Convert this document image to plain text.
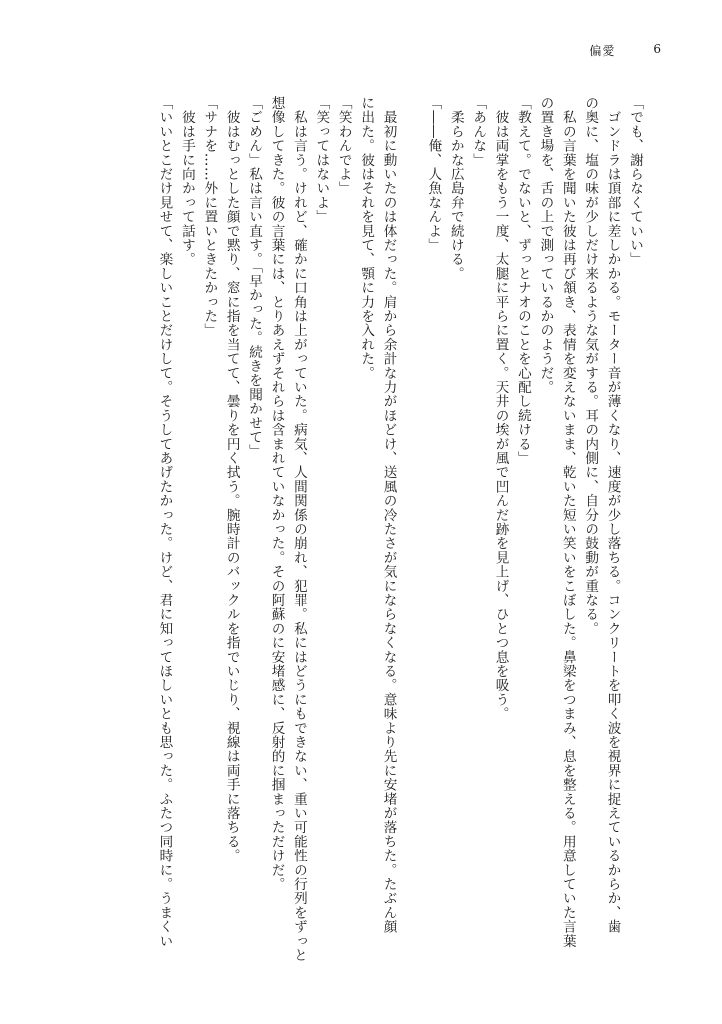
偏愛	6
「でも、謝らなくていい」
　ゴンドラは頂部に差しかかる。モーター音が薄くなり、速度が少し落ちる。コンクリートを叩く波を視界に捉えているからか、歯
の奥に、塩の味が少しだけ来るような気がする。耳の内側に、自分の鼓動が重なる。
　私の言葉を聞いた彼は再び頷き、表情を変えないまま、乾いた短い笑いをこぼした。鼻梁をつまみ、息を整える。用意していた言葉
の置き場を、舌の上で測っているかのようだ。
「教えて。でないと、ずっとナオのことを心配し続ける」
　彼は両掌をもう一度、太腿に平らに置く。天井の埃が風で凹んだ跡を見上げ、ひとつ息を吸う。
「あんな」
　柔らかな広島弁で続ける。
「――俺、人魚なんよ」
　最初に動いたのは体だった。肩から余計な力がほどけ、送風の冷たさが気にならなくなる。意味より先に安堵が落ちた。たぶん顔
に出た。彼はそれを見て、顎に力を入れた。
「笑わんでよ」
「笑ってはないよ」
　私は言う。けれど、確かに口角は上がっていた。病気、人間関係の崩れ、犯罪。私にはどうにもできない、重い可能性の行列をずっと
想像してきた。彼の言葉には、とりあえずそれらは含まれていなかった。その阿蘇のに安堵感に、反射的に掴まっただけだ。
「ごめん」私は言い直す。「早かった。続きを聞かせて」
　彼はむっとした顔で黙り、窓に指を当てて、曇りを円く拭う。腕時計のバックルを指でいじり、視線は両手に落ちる。
「サナを……外に置いときたかった」
　彼は手に向かって話す。
「いいとこだけ見せて、楽しいことだけして。そうしてあげたかった。けど、君に知ってほしいとも思った。ふたつ同時に。うまくい
